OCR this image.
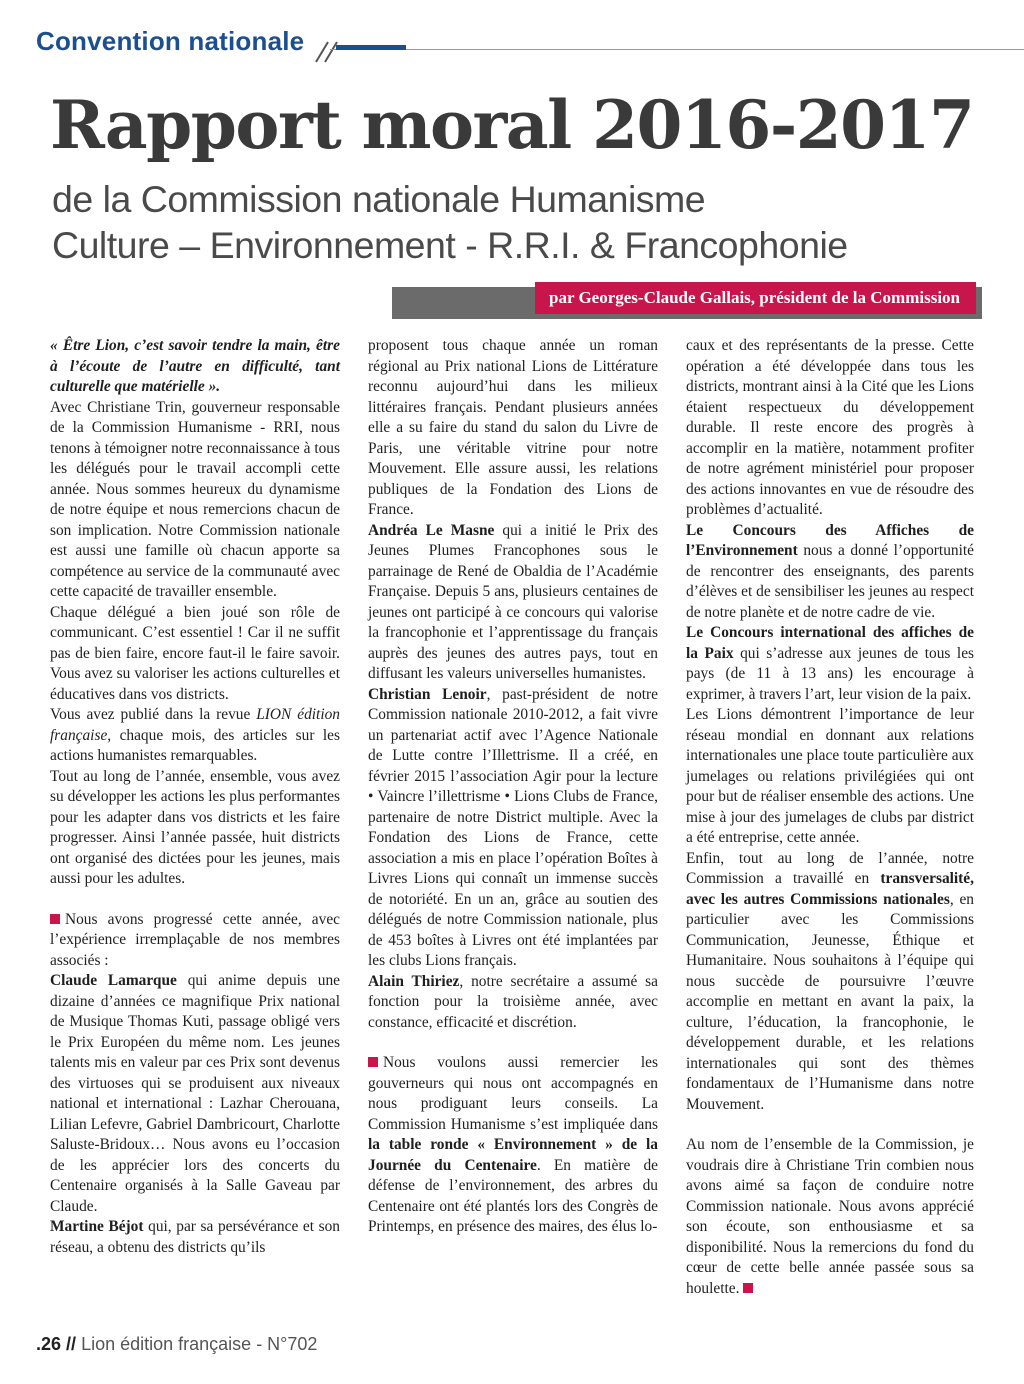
Convention nationale
Rapport moral 2016-2017
de la Commission nationale Humanisme
Culture – Environnement - R.R.I. & Francophonie
par Georges-Claude Gallais, président de la Commission

« Être Lion, c’est savoir tendre la main, être à l’écoute de l’autre en difficulté, tant culturelle que matérielle ».

Avec Christiane Trin, gouverneur responsable de la Commission Humanisme - RRI, nous tenons à témoigner notre reconnaissance à tous les délégués pour le travail accompli cette année. Nous sommes heureux du dynamisme de notre équipe et nous remercions chacun de son implication. Notre Commission nationale est aussi une famille où chacun apporte sa compétence au service de la communauté avec cette capacité de travailler ensemble.

Chaque délégué a bien joué son rôle de communicant. C’est essentiel ! Car il ne suffit pas de bien faire, encore faut-il le faire savoir. Vous avez su valoriser les actions culturelles et éducatives dans vos districts.

Vous avez publié dans la revue LION édition française, chaque mois, des articles sur les actions humanistes remarquables.

Tout au long de l’année, ensemble, vous avez su développer les actions les plus performantes pour les adapter dans vos districts et les faire progresser. Ainsi l’année passée, huit districts ont organisé des dictées pour les jeunes, mais aussi pour les adultes.

Nous avons progressé cette année, avec l’expérience irremplaçable de nos membres associés :

Claude Lamarque qui anime depuis une dizaine d’années ce magnifique Prix national de Musique Thomas Kuti, passage obligé vers le Prix Européen du même nom. Les jeunes talents mis en valeur par ces Prix sont devenus des virtuoses qui se produisent aux niveaux national et international : Lazhar Cherouana, Lilian Lefevre, Gabriel Dambricourt, Charlotte Saluste-Bridoux… Nous avons eu l’occasion de les apprécier lors des concerts du Centenaire organisés à la Salle Gaveau par Claude.

Martine Béjot qui, par sa persévérance et son réseau, a obtenu des districts qu’ils

proposent tous chaque année un roman régional au Prix national Lions de Littérature reconnu aujourd’hui dans les milieux littéraires français. Pendant plusieurs années elle a su faire du stand du salon du Livre de Paris, une véritable vitrine pour notre Mouvement. Elle assure aussi, les relations publiques de la Fondation des Lions de France.

Andréa Le Masne qui a initié le Prix des Jeunes Plumes Francophones sous le parrainage de René de Obaldia de l’Académie Française. Depuis 5 ans, plusieurs centaines de jeunes ont participé à ce concours qui valorise la francophonie et l’apprentissage du français auprès des jeunes des autres pays, tout en diffusant les valeurs universelles humanistes.

Christian Lenoir, past-président de notre Commission nationale 2010-2012, a fait vivre un partenariat actif avec l’Agence Nationale de Lutte contre l’Illettrisme. Il a créé, en février 2015 l’association Agir pour la lecture • Vaincre l’illettrisme • Lions Clubs de France, partenaire de notre District multiple. Avec la Fondation des Lions de France, cette association a mis en place l’opération Boîtes à Livres Lions qui connaît un immense succès de notoriété. En un an, grâce au soutien des délégués de notre Commission nationale, plus de 453 boîtes à Livres ont été implantées par les clubs Lions français.

Alain Thiriez, notre secrétaire a assumé sa fonction pour la troisième année, avec constance, efficacité et discrétion.

Nous voulons aussi remercier les gouverneurs qui nous ont accompagnés en nous prodiguant leurs conseils. La Commission Humanisme s’est impliquée dans la table ronde « Environnement » de la Journée du Centenaire. En matière de défense de l’environnement, des arbres du Centenaire ont été plantés lors des Congrès de Printemps, en présence des maires, des élus lo-

caux et des représentants de la presse. Cette opération a été développée dans tous les districts, montrant ainsi à la Cité que les Lions étaient respectueux du développement durable. Il reste encore des progrès à accomplir en la matière, notamment profiter de notre agrément ministériel pour proposer des actions innovantes en vue de résoudre des problèmes d’actualité.

Le Concours des Affiches de l’Environnement nous a donné l’opportunité de rencontrer des enseignants, des parents d’élèves et de sensibiliser les jeunes au respect de notre planète et de notre cadre de vie.

Le Concours international des affiches de la Paix qui s’adresse aux jeunes de tous les pays (de 11 à 13 ans) les encourage à exprimer, à travers l’art, leur vision de la paix.

Les Lions démontrent l’importance de leur réseau mondial en donnant aux relations internationales une place toute particulière aux jumelages ou relations privilégiées qui ont pour but de réaliser ensemble des actions. Une mise à jour des jumelages de clubs par district a été entreprise, cette année.

Enfin, tout au long de l’année, notre Commission a travaillé en transversalité, avec les autres Commissions nationales, en particulier avec les Commissions Communication, Jeunesse, Éthique et Humanitaire. Nous souhaitons à l’équipe qui nous succède de poursuivre l’œuvre accomplie en mettant en avant la paix, la culture, l’éducation, la francophonie, le développement durable, et les relations internationales qui sont des thèmes fondamentaux de l’Humanisme dans notre Mouvement.

Au nom de l’ensemble de la Commission, je voudrais dire à Christiane Trin combien nous avons aimé sa façon de conduire notre Commission nationale. Nous avons apprécié son écoute, son enthousiasme et sa disponibilité. Nous la remercions du fond du cœur de cette belle année passée sous sa houlette.

.26 // Lion édition française - N°702
